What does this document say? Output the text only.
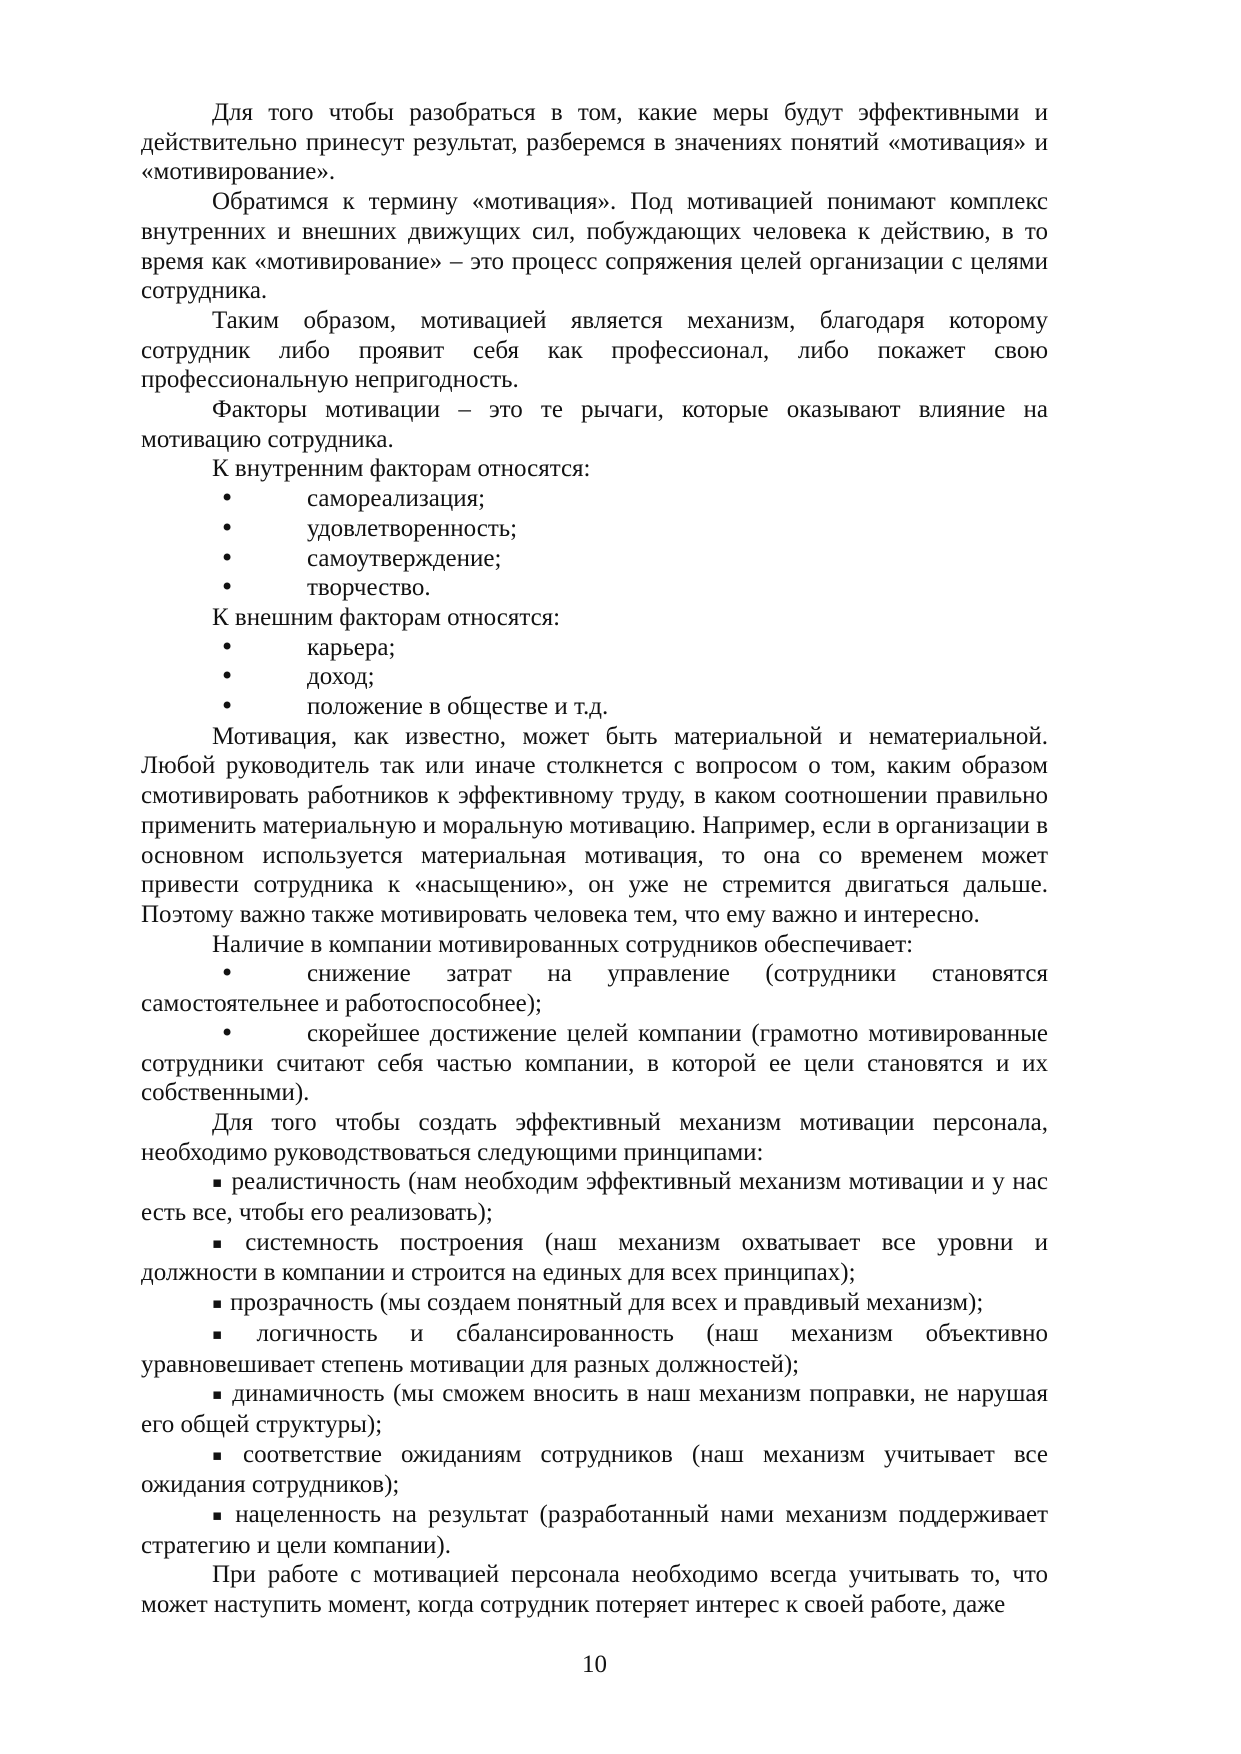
Для того чтобы разобраться в том, какие меры будут эффективными и действительно принесут результат, разберемся в значениях понятий «мотивация» и «мотивирование».

Обратимся к термину «мотивация». Под мотивацией понимают комплекс внутренних и внешних движущих сил, побуждающих человека к действию, в то время как «мотивирование» – это процесс сопряжения целей организации с целями сотрудника.

Таким образом, мотивацией является механизм, благодаря которому сотрудник либо проявит себя как профессионал, либо покажет свою профессиональную непригодность.

Факторы мотивации – это те рычаги, которые оказывают влияние на мотивацию сотрудника.

К внутренним факторам относятся:

•	самореализация;

•	удовлетворенность;

•	самоутверждение;

•	творчество.

К внешним факторам относятся:

•	карьера;

•	доход;

•	положение в обществе и т.д.

Мотивация, как известно, может быть материальной и нематериальной. Любой руководитель так или иначе столкнется с вопросом о том, каким образом смотивировать работников к эффективному труду, в каком соотношении правильно применить материальную и моральную мотивацию. Например, если в организации в основном используется материальная мотивация, то она со временем может привести сотрудника к «насыщению», он уже не стремится двигаться дальше. Поэтому важно также мотивировать человека тем, что ему важно и интересно.

Наличие в компании мотивированных сотрудников обеспечивает:

•	снижение затрат на управление (сотрудники становятся самостоятельнее и работоспособнее);

•	скорейшее достижение целей компании (грамотно мотивированные сотрудники считают себя частью компании, в которой ее цели становятся и их собственными).

Для того чтобы создать эффективный механизм мотивации персонала, необходимо руководствоваться следующими принципами:

▪ реалистичность (нам необходим эффективный механизм мотивации и у нас есть все, чтобы его реализовать);

▪ системность построения (наш механизм охватывает все уровни и должности в компании и строится на единых для всех принципах);

▪ прозрачность (мы создаем понятный для всех и правдивый механизм);

▪ логичность и сбалансированность (наш механизм объективно уравновешивает степень мотивации для разных должностей);

▪ динамичность (мы сможем вносить в наш механизм поправки, не нарушая его общей структуры);

▪ соответствие ожиданиям сотрудников (наш механизм учитывает все ожидания сотрудников);

▪ нацеленность на результат (разработанный нами механизм поддерживает стратегию и цели компании).

При работе с мотивацией персонала необходимо всегда учитывать то, что может наступить момент, когда сотрудник потеряет интерес к своей работе, даже

10
